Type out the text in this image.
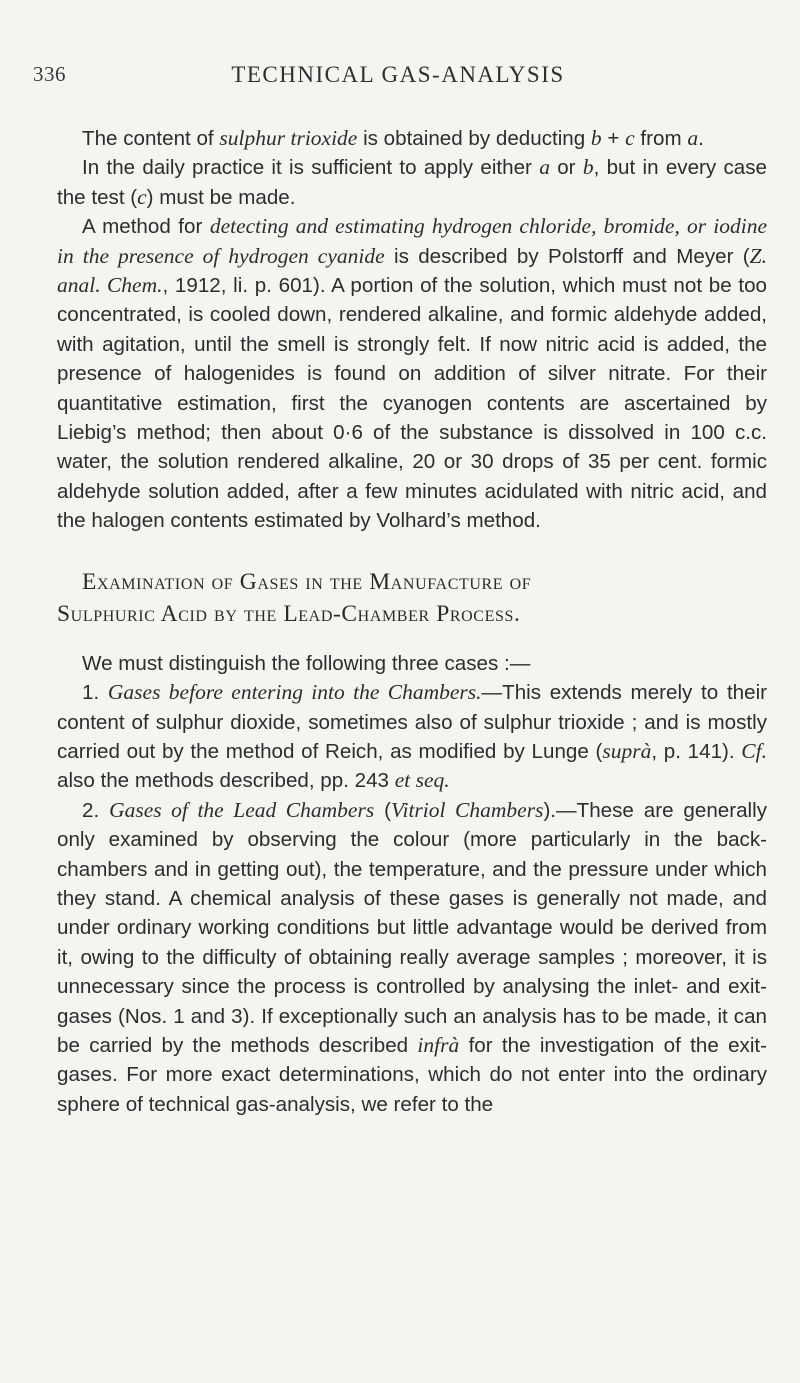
336	TECHNICAL GAS-ANALYSIS

The content of sulphur trioxide is obtained by deducting b + c from a.

In the daily practice it is sufficient to apply either a or b, but in every case the test (c) must be made.

A method for detecting and estimating hydrogen chloride, bromide, or iodine in the presence of hydrogen cyanide is described by Polstorff and Meyer (Z. anal. Chem., 1912, li. p. 601). A portion of the solution, which must not be too concentrated, is cooled down, rendered alkaline, and formic aldehyde added, with agitation, until the smell is strongly felt. If now nitric acid is added, the presence of halogenides is found on addition of silver nitrate. For their quantitative estimation, first the cyanogen contents are ascertained by Liebig’s method; then about 0·6 of the substance is dissolved in 100 c.c. water, the solution rendered alkaline, 20 or 30 drops of 35 per cent. formic aldehyde solution added, after a few minutes acidulated with nitric acid, and the halogen contents estimated by Volhard’s method.

Examination of Gases in the Manufacture of
Sulphuric Acid by the Lead-Chamber Process.

We must distinguish the following three cases :—

1. Gases before entering into the Chambers.—This extends merely to their content of sulphur dioxide, sometimes also of sulphur trioxide ; and is mostly carried out by the method of Reich, as modified by Lunge (suprà, p. 141). Cf. also the methods described, pp. 243 et seq.

2. Gases of the Lead Chambers (Vitriol Chambers).—These are generally only examined by observing the colour (more particularly in the back-chambers and in getting out), the temperature, and the pressure under which they stand. A chemical analysis of these gases is generally not made, and under ordinary working conditions but little advantage would be derived from it, owing to the difficulty of obtaining really average samples ; moreover, it is unnecessary since the process is controlled by analysing the inlet- and exit-gases (Nos. 1 and 3). If exceptionally such an analysis has to be made, it can be carried by the methods described infrà for the investigation of the exit-gases. For more exact determinations, which do not enter into the ordinary sphere of technical gas-analysis, we refer to the
